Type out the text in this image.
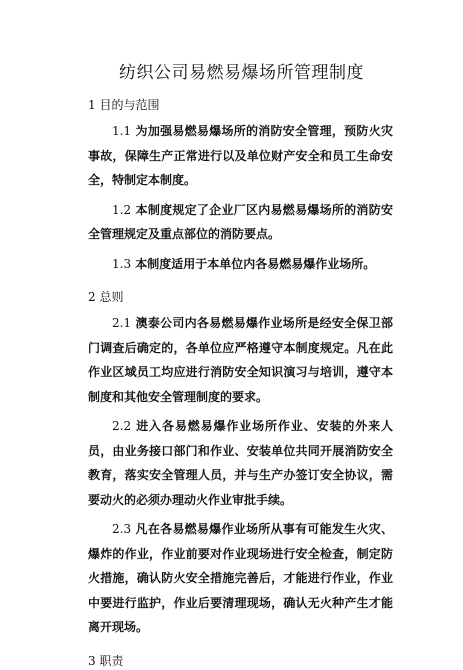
纺织公司易燃易爆场所管理制度
1 目的与范围

1.1 为加强易燃易爆场所的消防安全管理，预防火灾事故，保障生产正常进行以及单位财产安全和员工生命安全，特制定本制度。

1.2 本制度规定了企业厂区内易燃易爆场所的消防安全管理规定及重点部位的消防要点。

1.3 本制度适用于本单位内各易燃易爆作业场所。

2 总则

2.1 澳泰公司内各易燃易爆作业场所是经安全保卫部门调查后确定的，各单位应严格遵守本制度规定。凡在此作业区域员工均应进行消防安全知识演习与培训，遵守本制度和其他安全管理制度的要求。

2.2 进入各易燃易爆作业场所作业、安装的外来人员，由业务接口部门和作业、安装单位共同开展消防安全教育，落实安全管理人员，并与生产办签订安全协议，需要动火的必须办理动火作业审批手续。

2.3 凡在各易燃易爆作业场所从事有可能发生火灾、爆炸的作业，作业前要对作业现场进行安全检查，制定防火措施，确认防火安全措施完善后，才能进行作业，作业中要进行监护，作业后要清理现场，确认无火种产生才能离开现场。

3 职责
